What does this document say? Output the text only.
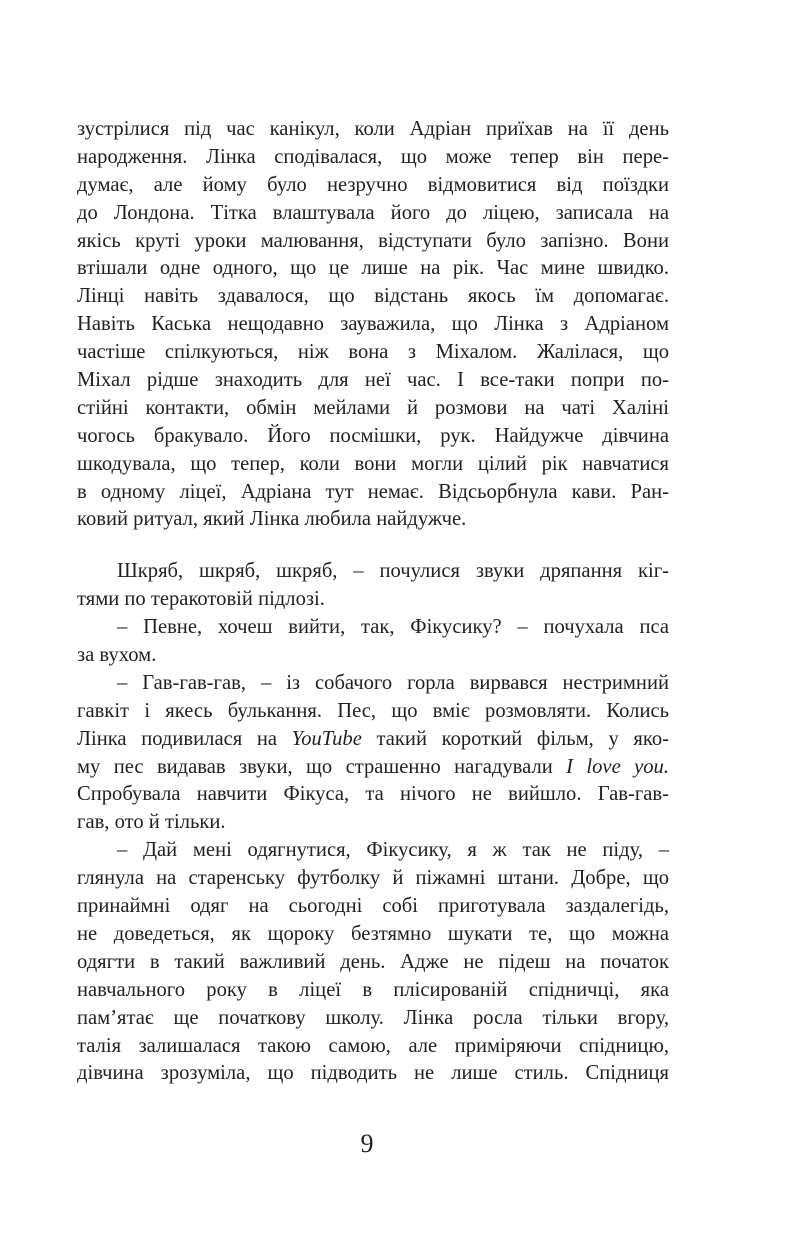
зустрілися під час канікул, коли Адріан приїхав на її день
народження. Лінка сподівалася, що може тепер він пере-
думає, але йому було незручно відмовитися від поїздки
до Лондона. Тітка влаштувала його до ліцею, записала на
якісь круті уроки малювання, відступати було запізно. Вони
втішали одне одного, що це лише на рік. Час мине швидко.
Лінці навіть здавалося, що відстань якось їм допомагає.
Навіть Каська нещодавно зауважила, що Лінка з Адріаном
частіше спілкуються, ніж вона з Міхалом. Жалілася, що
Міхал рідше знаходить для неї час. І все-таки попри по-
стійні контакти, обмін мейлами й розмови на чаті Халіні
чогось бракувало. Його посмішки, рук. Найдужче дівчина
шкодувала, що тепер, коли вони могли цілий рік навчатися
в одному ліцеї, Адріана тут немає. Відсьорбнула кави. Ран-
ковий ритуал, який Лінка любила найдужче.
Шкряб, шкряб, шкряб, – почулися звуки дряпання кіг-
тями по теракотовій підлозі.
– Певне, хочеш вийти, так, Фікусику? – почухала пса
за вухом.
– Гав-гав-гав, – із собачого горла вирвався нестримний
гавкіт і якесь булькання. Пес, що вміє розмовляти. Колись
Лінка подивилася на YouTube такий короткий фільм, у яко-
му пес видавав звуки, що страшенно нагадували I love you.
Спробувала навчити Фікуса, та нічого не вийшло. Гав-гав-
гав, ото й тільки.
– Дай мені одягнутися, Фікусику, я ж так не піду, –
глянула на старенську футболку й піжамні штани. Добре, що
принаймні одяг на сьогодні собі приготувала заздалегідь,
не доведеться, як щороку безтямно шукати те, що можна
одягти в такий важливий день. Адже не підеш на початок
навчального року в ліцеї в плісированій спідничці, яка
пам’ятає ще початкову школу. Лінка росла тільки вгору,
талія залишалася такою самою, але приміряючи спідницю,
дівчина зрозуміла, що підводить не лише стиль. Спідниця
9
